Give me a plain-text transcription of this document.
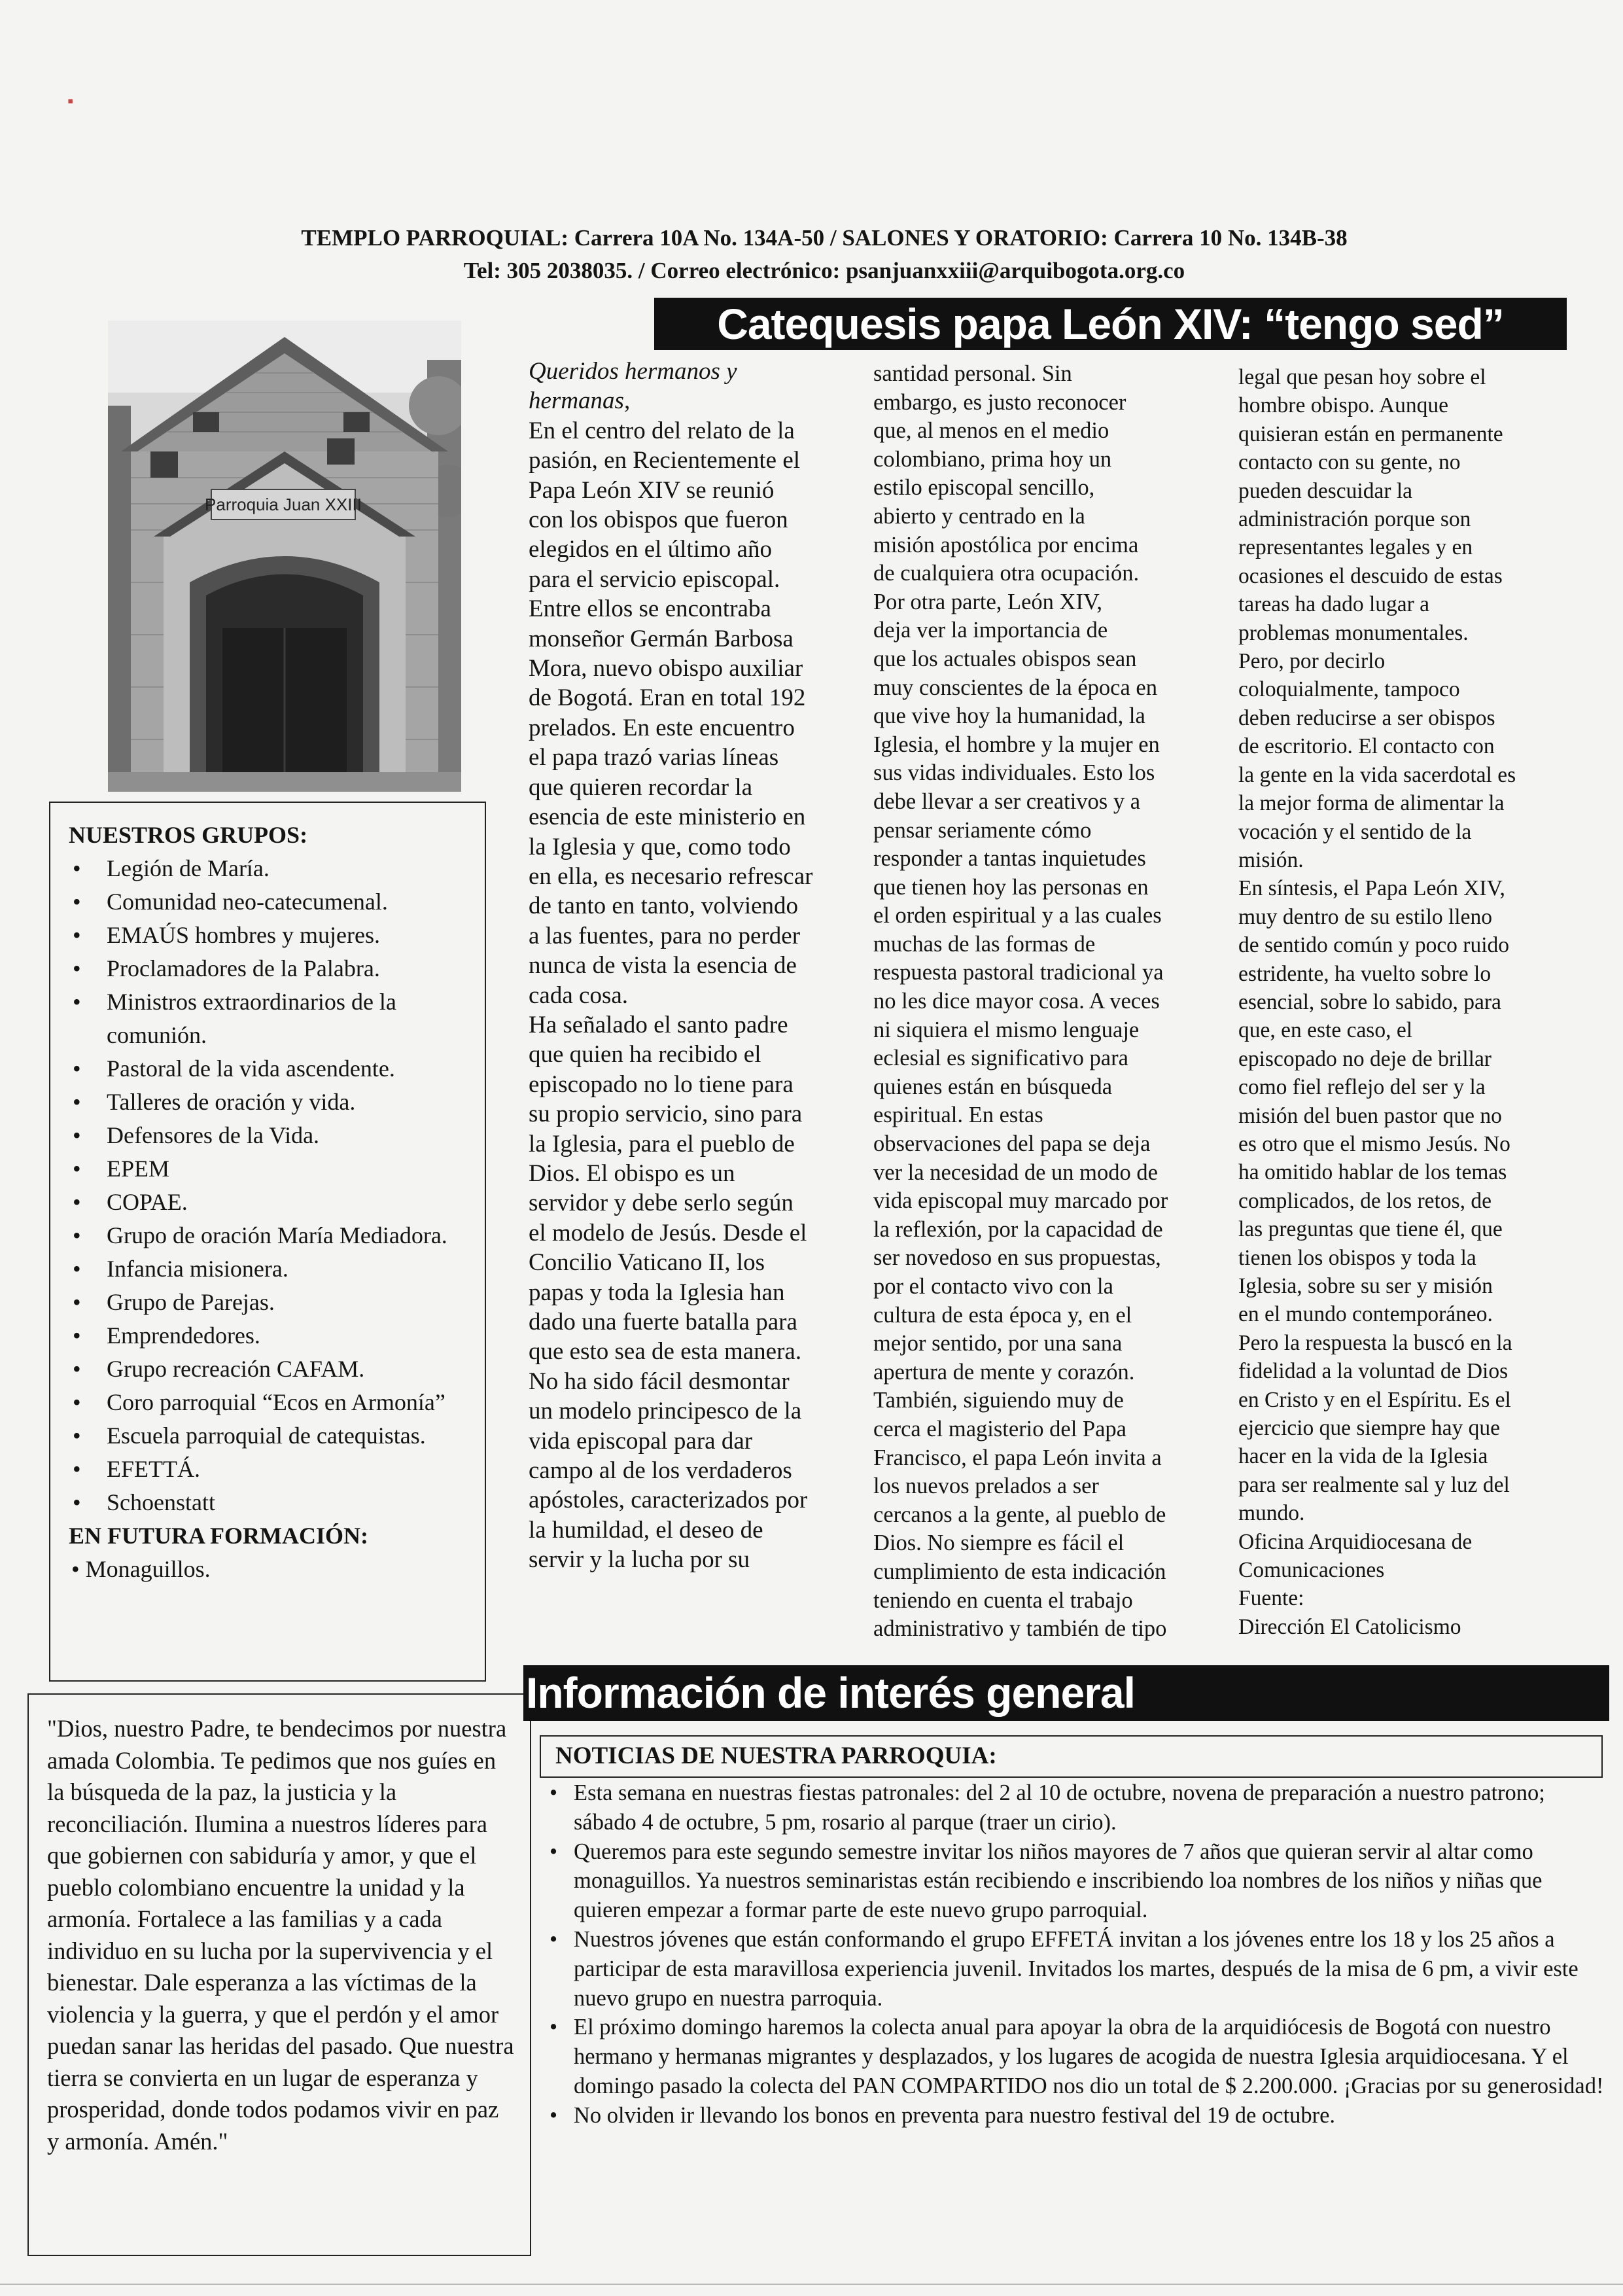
▪
TEMPLO PARROQUIAL: Carrera 10A No. 134A-50 / SALONES Y ORATORIO: Carrera 10 No. 134B-38
Tel: 305 2038035. / Correo electrónico: psanjuanxxiii@arquibogota.org.co
Catequesis papa León XIV: “tengo sed”
Parroquia Juan XXIII
Queridos hermanos y
hermanas,
En el centro del relato de la
pasión, en Recientemente el
Papa León XIV se reunió
con los obispos que fueron
elegidos en el último año
para el servicio episcopal.
Entre ellos se encontraba
monseñor Germán Barbosa
Mora, nuevo obispo auxiliar
de Bogotá. Eran en total 192
prelados. En este encuentro
el papa trazó varias líneas
que quieren recordar la
esencia de este ministerio en
la Iglesia y que, como todo
en ella, es necesario refrescar
de tanto en tanto, volviendo
a las fuentes, para no perder
nunca de vista la esencia de
cada cosa.
Ha señalado el santo padre
que quien ha recibido el
episcopado no lo tiene para
su propio servicio, sino para
la Iglesia, para el pueblo de
Dios. El obispo es un
servidor y debe serlo según
el modelo de Jesús. Desde el
Concilio Vaticano II, los
papas y toda la Iglesia han
dado una fuerte batalla para
que esto sea de esta manera.
No ha sido fácil desmontar
un modelo principesco de la
vida episcopal para dar
campo al de los verdaderos
apóstoles, caracterizados por
la humildad, el deseo de
servir y la lucha por su
santidad personal. Sin
embargo, es justo reconocer
que, al menos en el medio
colombiano, prima hoy un
estilo episcopal sencillo,
abierto y centrado en la
misión apostólica por encima
de cualquiera otra ocupación.
Por otra parte, León XIV,
deja ver la importancia de
que los actuales obispos sean
muy conscientes de la época en
que vive hoy la humanidad, la
Iglesia, el hombre y la mujer en
sus vidas individuales. Esto los
debe llevar a ser creativos y a
pensar seriamente cómo
responder a tantas inquietudes
que tienen hoy las personas en
el orden espiritual y a las cuales
muchas de las formas de
respuesta pastoral tradicional ya
no les dice mayor cosa. A veces
ni siquiera el mismo lenguaje
eclesial es significativo para
quienes están en búsqueda
espiritual. En estas
observaciones del papa se deja
ver la necesidad de un modo de
vida episcopal muy marcado por
la reflexión, por la capacidad de
ser novedoso en sus propuestas,
por el contacto vivo con la
cultura de esta época y, en el
mejor sentido, por una sana
apertura de mente y corazón.
También, siguiendo muy de
cerca el magisterio del Papa
Francisco, el papa León invita a
los nuevos prelados a ser
cercanos a la gente, al pueblo de
Dios. No siempre es fácil el
cumplimiento de esta indicación
teniendo en cuenta el trabajo
administrativo y también de tipo
legal que pesan hoy sobre el
hombre obispo. Aunque
quisieran están en permanente
contacto con su gente, no
pueden descuidar la
administración porque son
representantes legales y en
ocasiones el descuido de estas
tareas ha dado lugar a
problemas monumentales.
Pero, por decirlo
coloquialmente, tampoco
deben reducirse a ser obispos
de escritorio. El contacto con
la gente en la vida sacerdotal es
la mejor forma de alimentar la
vocación y el sentido de la
misión.
En síntesis, el Papa León XIV,
muy dentro de su estilo lleno
de sentido común y poco ruido
estridente, ha vuelto sobre lo
esencial, sobre lo sabido, para
que, en este caso, el
episcopado no deje de brillar
como fiel reflejo del ser y la
misión del buen pastor que no
es otro que el mismo Jesús. No
ha omitido hablar de los temas
complicados, de los retos, de
las preguntas que tiene él, que
tienen los obispos y toda la
Iglesia, sobre su ser y misión
en el mundo contemporáneo.
Pero la respuesta la buscó en la
fidelidad a la voluntad de Dios
en Cristo y en el Espíritu. Es el
ejercicio que siempre hay que
hacer en la vida de la Iglesia
para ser realmente sal y luz del
mundo.
Oficina Arquidiocesana de
Comunicaciones
Fuente:
Dirección El Catolicismo
NUESTROS GRUPOS:
• Legión de María.
• Comunidad neo-catecumenal.
• EMAÚS hombres y mujeres.
• Proclamadores de la Palabra.
• Ministros extraordinarios de la comunión.
• Pastoral de la vida ascendente.
• Talleres de oración y vida.
• Defensores de la Vida.
• EPEM
• COPAE.
• Grupo de oración María Mediadora.
• Infancia misionera.
• Grupo de Parejas.
• Emprendedores.
• Grupo recreación CAFAM.
• Coro parroquial “Ecos en Armonía”
• Escuela parroquial de catequistas.
• EFETTÁ.
• Schoenstatt

EN FUTURA FORMACIÓN:

• Monaguillos.
"Dios, nuestro Padre, te bendecimos por nuestra amada Colombia. Te pedimos que nos guíes en la búsqueda de la paz, la justicia y la reconciliación. Ilumina a nuestros líderes para que gobiernen con sabiduría y amor, y que el pueblo colombiano encuentre la unidad y la armonía. Fortalece a las familias y a cada individuo en su lucha por la supervivencia y el bienestar. Dale esperanza a las víctimas de la violencia y la guerra, y que el perdón y el amor puedan sanar las heridas del pasado. Que nuestra tierra se convierta en un lugar de esperanza y prosperidad, donde todos podamos vivir en paz y armonía. Amén."
Información de interés general
NOTICIAS DE NUESTRA PARROQUIA:
• Esta semana en nuestras fiestas patronales: del 2 al 10 de octubre, novena de preparación a nuestro patrono; sábado 4 de octubre, 5 pm, rosario al parque (traer un cirio).
• Queremos para este segundo semestre invitar los niños mayores de 7 años que quieran servir al altar como monaguillos. Ya nuestros seminaristas están recibiendo e inscribiendo loa nombres de los niños y niñas que quieren empezar a formar parte de este nuevo grupo parroquial.
• Nuestros jóvenes que están conformando el grupo EFFETÁ invitan a los jóvenes entre los 18 y los 25 años a participar de esta maravillosa experiencia juvenil. Invitados los martes, después de la misa de 6 pm, a vivir este nuevo grupo en nuestra parroquia.
• El próximo domingo haremos la colecta anual para apoyar la obra de la arquidiócesis de Bogotá con nuestro hermano y hermanas migrantes y desplazados, y los lugares de acogida de nuestra Iglesia arquidiocesana. Y el domingo pasado la colecta del PAN COMPARTIDO nos dio un total de $ 2.200.000. ¡Gracias por su generosidad!
• No olviden ir llevando los bonos en preventa para nuestro festival del 19 de octubre.
